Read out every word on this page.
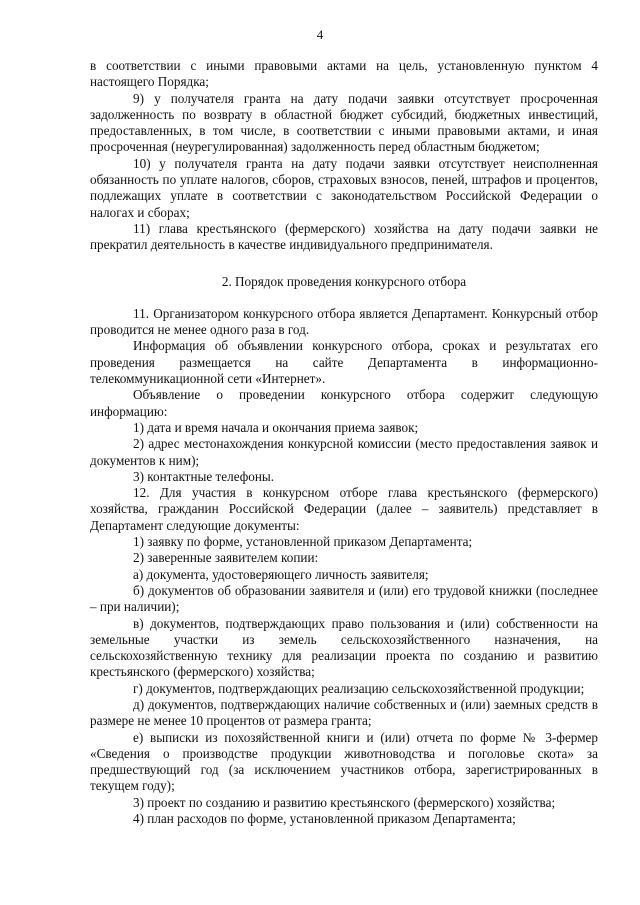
4

в соответствии с иными правовыми актами на цель, установленную пунктом 4 настоящего Порядка;

9) у получателя гранта на дату подачи заявки отсутствует просроченная задолженность по возврату в областной бюджет субсидий, бюджетных инвестиций, предоставленных, в том числе, в соответствии с иными правовыми актами, и иная просроченная (неурегулированная) задолженность перед областным бюджетом;

10) у получателя гранта на дату подачи заявки отсутствует неисполненная обязанность по уплате налогов, сборов, страховых взносов, пеней, штрафов и процентов, подлежащих уплате в соответствии с законодательством Российской Федерации о налогах и сборах;

11) глава крестьянского (фермерского) хозяйства на дату подачи заявки не прекратил деятельность в качестве индивидуального предпринимателя.

2. Порядок проведения конкурсного отбора

11. Организатором конкурсного отбора является Департамент. Конкурсный отбор проводится не менее одного раза в год.

Информация об объявлении конкурсного отбора, сроках и результатах его проведения размещается на сайте Департамента в информационно-телекоммуникационной сети «Интернет».

Объявление о проведении конкурсного отбора содержит следующую информацию:

1) дата и время начала и окончания приема заявок;

2) адрес местонахождения конкурсной комиссии (место предоставления заявок и документов к ним);

3) контактные телефоны.

12. Для участия в конкурсном отборе глава крестьянского (фермерского) хозяйства, гражданин Российской Федерации (далее – заявитель) представляет в Департамент следующие документы:

1) заявку по форме, установленной приказом Департамента;

2) заверенные заявителем копии:

а) документа, удостоверяющего личность заявителя;

б) документов об образовании заявителя и (или) его трудовой книжки (последнее – при наличии);

в) документов, подтверждающих право пользования и (или) собственности на земельные участки из земель сельскохозяйственного назначения, на сельскохозяйственную технику для реализации проекта по созданию и развитию крестьянского (фермерского) хозяйства;

г) документов, подтверждающих реализацию сельскохозяйственной продукции;

д) документов, подтверждающих наличие собственных и (или) заемных средств в размере не менее 10 процентов от размера гранта;

е) выписки из похозяйственной книги и (или) отчета по форме № 3-фермер «Сведения о производстве продукции животноводства и поголовье скота» за предшествующий год (за исключением участников отбора, зарегистрированных в текущем году);

3) проект по созданию и развитию крестьянского (фермерского) хозяйства;

4) план расходов по форме, установленной приказом Департамента;
